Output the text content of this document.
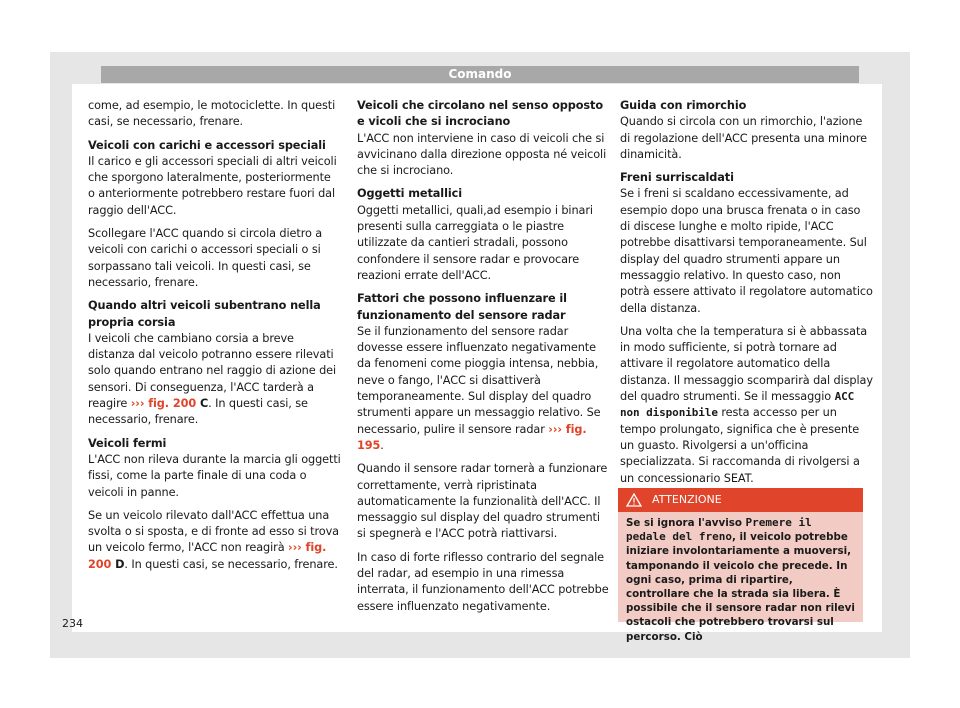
Comando

come, ad esempio, le motociclette. In questi casi, se necessario, frenare.

Veicoli con carichi e accessori speciali

Il carico e gli accessori speciali di altri veicoli che sporgono lateralmente, posteriormente o anteriormente potrebbero restare fuori dal raggio dell'ACC.

Scollegare l'ACC quando si circola dietro a veicoli con carichi o accessori speciali o si sorpassano tali veicoli. In questi casi, se necessario, frenare.

Quando altri veicoli subentrano nella propria corsia

I veicoli che cambiano corsia a breve distanza dal veicolo potranno essere rilevati solo quando entrano nel raggio di azione dei sensori. Di conseguenza, l'ACC tarderà a reagire ››› fig. 200 C. In questi casi, se necessario, frenare.

Veicoli fermi

L'ACC non rileva durante la marcia gli oggetti fissi, come la parte finale di una coda o veicoli in panne.

Se un veicolo rilevato dall'ACC effettua una svolta o si sposta, e di fronte ad esso si trova un veicolo fermo, l'ACC non reagirà ››› fig. 200 D. In questi casi, se necessario, frenare.

Veicoli che circolano nel senso opposto e vicoli che si incrociano

L'ACC non interviene in caso di veicoli che si avvicinano dalla direzione opposta né veicoli che si incrociano.

Oggetti metallici

Oggetti metallici, quali,ad esempio i binari presenti sulla carreggiata o le piastre utilizzate da cantieri stradali, possono confondere il sensore radar e provocare reazioni errate dell'ACC.

Fattori che possono influenzare il funzionamento del sensore radar

Se il funzionamento del sensore radar dovesse essere influenzato negativamente da fenomeni come pioggia intensa, nebbia, neve o fango, l'ACC si disattiverà temporaneamente. Sul display del quadro strumenti appare un messaggio relativo. Se necessario, pulire il sensore radar ››› fig. 195.

Quando il sensore radar tornerà a funzionare correttamente, verrà ripristinata automaticamente la funzionalità dell'ACC. Il messaggio sul display del quadro strumenti si spegnerà e l'ACC potrà riattivarsi.

In caso di forte riflesso contrario del segnale del radar, ad esempio in una rimessa interrata, il funzionamento dell'ACC potrebbe essere influenzato negativamente.

Guida con rimorchio

Quando si circola con un rimorchio, l'azione di regolazione dell'ACC presenta una minore dinamicità.

Freni surriscaldati

Se i freni si scaldano eccessivamente, ad esempio dopo una brusca frenata o in caso di discese lunghe e molto ripide, l'ACC potrebbe disattivarsi temporaneamente. Sul display del quadro strumenti appare un messaggio relativo. In questo caso, non potrà essere attivato il regolatore automatico della distanza.

Una volta che la temperatura si è abbassata in modo sufficiente, si potrà tornare ad attivare il regolatore automatico della distanza. Il messaggio scomparirà dal display del quadro strumenti. Se il messaggio ACC non disponibile resta accesso per un tempo prolungato, significa che è presente un guasto. Rivolgersi a un'officina specializzata. Si raccomanda di rivolgersi a un concessionario SEAT.

ATTENZIONE
Se si ignora l'avviso Premere il pedale del freno, il veicolo potrebbe iniziare involontariamente a muoversi, tamponando il veicolo che precede. In ogni caso, prima di ripartire, controllare che la strada sia libera. È possibile che il sensore radar non rilevi ostacoli che potrebbero trovarsi sul percorso. Ciò
234
